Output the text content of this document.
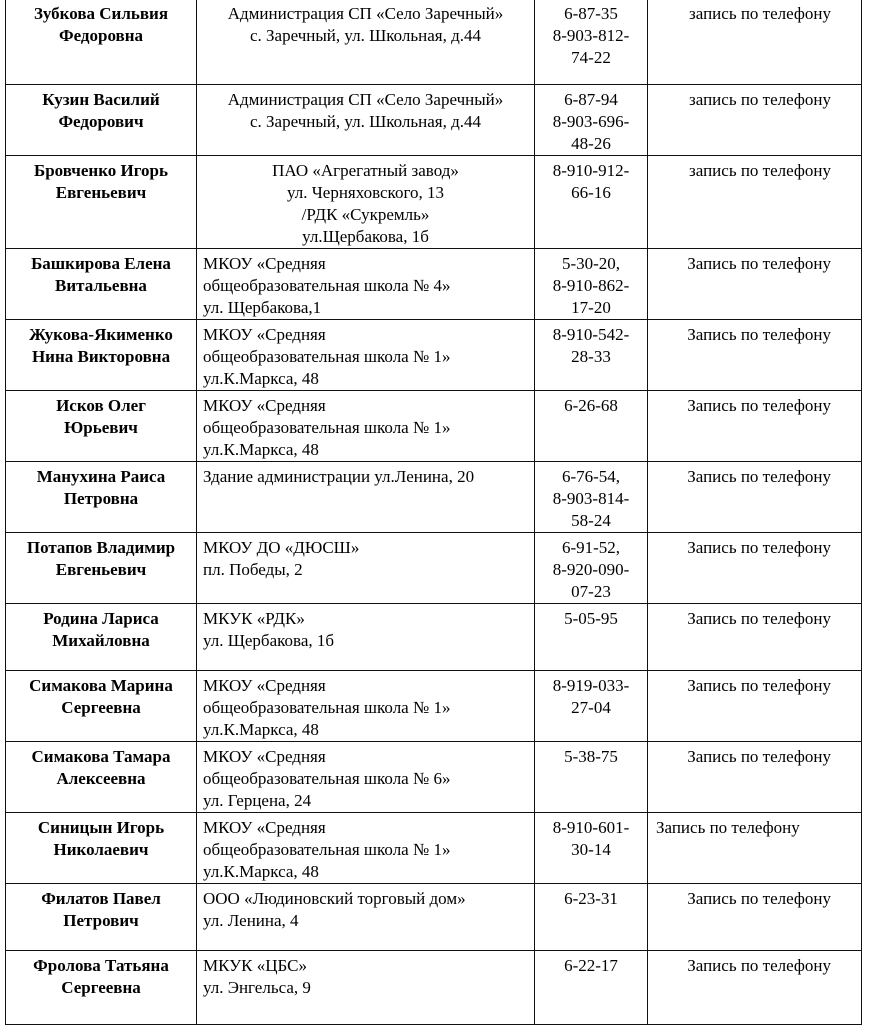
Зубкова Сильвия
Федоровна	Администрация СП «Село Заречный»
с. Заречный, ул. Школьная, д.44	6-87-35
8-903-812-
74-22	запись по телефону

Кузин Василий
Федорович	Администрация СП «Село Заречный»
с. Заречный, ул. Школьная, д.44	6-87-94
8-903-696-
48-26	запись по телефону

Бровченко Игорь
Евгеньевич	ПАО «Агрегатный завод»
ул. Черняховского, 13
/РДК «Сукремль»
ул.Щербакова, 1б	8-910-912-
66-16	запись по телефону

Башкирова Елена
Витальевна	МКОУ «Средняя
общеобразовательная школа № 4»
ул. Щербакова,1	5-30-20,
8-910-862-
17-20	Запись по телефону

Жукова-Якименко
Нина Викторовна	МКОУ «Средняя
общеобразовательная школа № 1»
ул.К.Маркса, 48	8-910-542-
28-33	Запись по телефону

Исков Олег
Юрьевич	МКОУ «Средняя
общеобразовательная школа № 1»
ул.К.Маркса, 48	6-26-68	Запись по телефону

Манухина Раиса
Петровна	Здание администрации ул.Ленина, 20	6-76-54,
8-903-814-
58-24	Запись по телефону

Потапов Владимир
Евгеньевич	МКОУ ДО «ДЮСШ»
пл. Победы, 2	6-91-52,
8-920-090-
07-23	Запись по телефону

Родина Лариса
Михайловна	МКУК «РДК»
ул. Щербакова, 1б	5-05-95	Запись по телефону

Симакова Марина
Сергеевна	МКОУ «Средняя
общеобразовательная школа № 1»
ул.К.Маркса, 48	8-919-033-
27-04	Запись по телефону

Симакова Тамара
Алексеевна	МКОУ «Средняя
общеобразовательная школа № 6»
ул. Герцена, 24	5-38-75	Запись по телефону

Синицын Игорь
Николаевич	МКОУ «Средняя
общеобразовательная школа № 1»
ул.К.Маркса, 48	8-910-601-
30-14	Запись по телефону

Филатов Павел
Петрович	ООО «Людиновский торговый дом»
ул. Ленина, 4	6-23-31	Запись по телефону

Фролова Татьяна
Сергеевна	МКУК «ЦБС»
ул. Энгельса, 9	6-22-17	Запись по телефону
